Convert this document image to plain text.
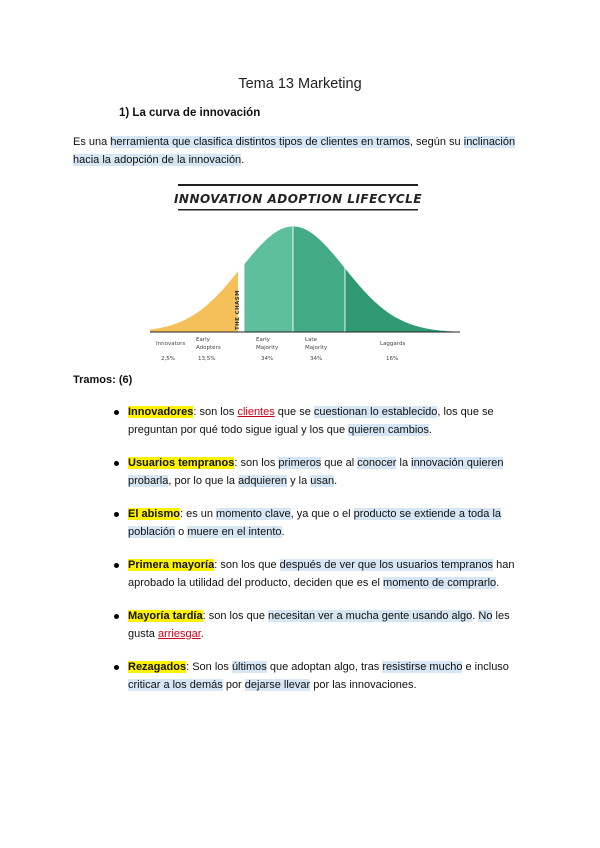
Tema 13 Marketing
1) La curva de innovación

Es una herramienta que clasifica distintos tipos de clientes en tramos, según su inclinación hacia la adopción de la innovación.

INNOVATION ADOPTION LIFECYCLE
THE CHASM
Innovators
2,5%
Early
Adopters
13,5%
Early
Majority
34%
Late
Majority
34%
Laggards
16%
Tramos: (6)

Innovadores: son los clientes que se cuestionan lo establecido, los que se preguntan por qué todo sigue igual y los que quieren cambios.

Usuarios tempranos: son los primeros que al conocer la innovación quieren probarla, por lo que la adquieren y la usan.

El abismo: es un momento clave, ya que o el producto se extiende a toda la población o muere en el intento.

Primera mayoría: son los que después de ver que los usuarios tempranos han aprobado la utilidad del producto, deciden que es el momento de comprarlo.

Mayoría tardía: son los que necesitan ver a mucha gente usando algo. No les gusta arriesgar.

Rezagados: Son los últimos que adoptan algo, tras resistirse mucho e incluso criticar a los demás por dejarse llevar por las innovaciones.
